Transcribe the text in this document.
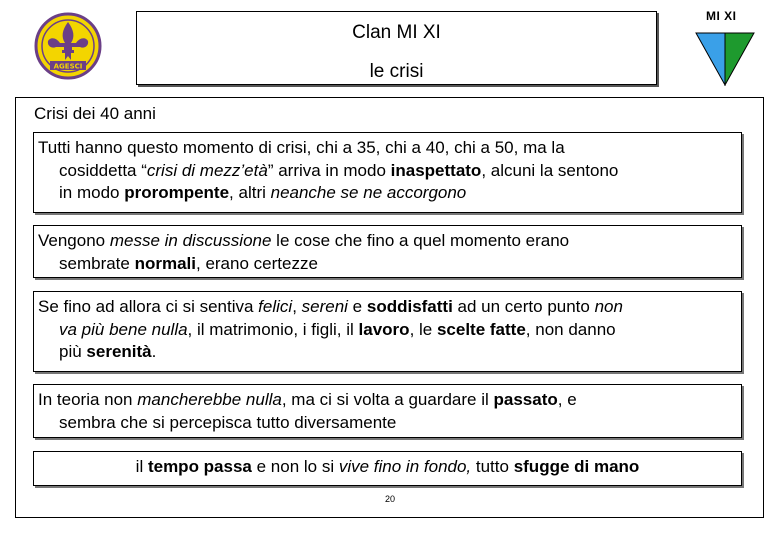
AGESCI
Clan MI XI
le crisi
MI XI
Crisi dei 40 anni
Tutti hanno questo momento di crisi, chi a 35, chi a 40, chi a 50, ma la
cosiddetta “crisi di mezz’età” arriva in modo inaspettato, alcuni la sentono
in modo prorompente, altri neanche se ne accorgono
Vengono messe in discussione le cose che fino a quel momento erano
sembrate normali, erano certezze
Se fino ad allora ci si sentiva felici, sereni e soddisfatti ad un certo punto non
va più bene nulla, il matrimonio, i figli, il lavoro, le scelte fatte, non danno
più serenità.
In teoria non mancherebbe nulla, ma ci si volta a guardare il passato, e
sembra che si percepisca tutto diversamente
il tempo passa e non lo si vive fino in fondo, tutto sfugge di mano
20
